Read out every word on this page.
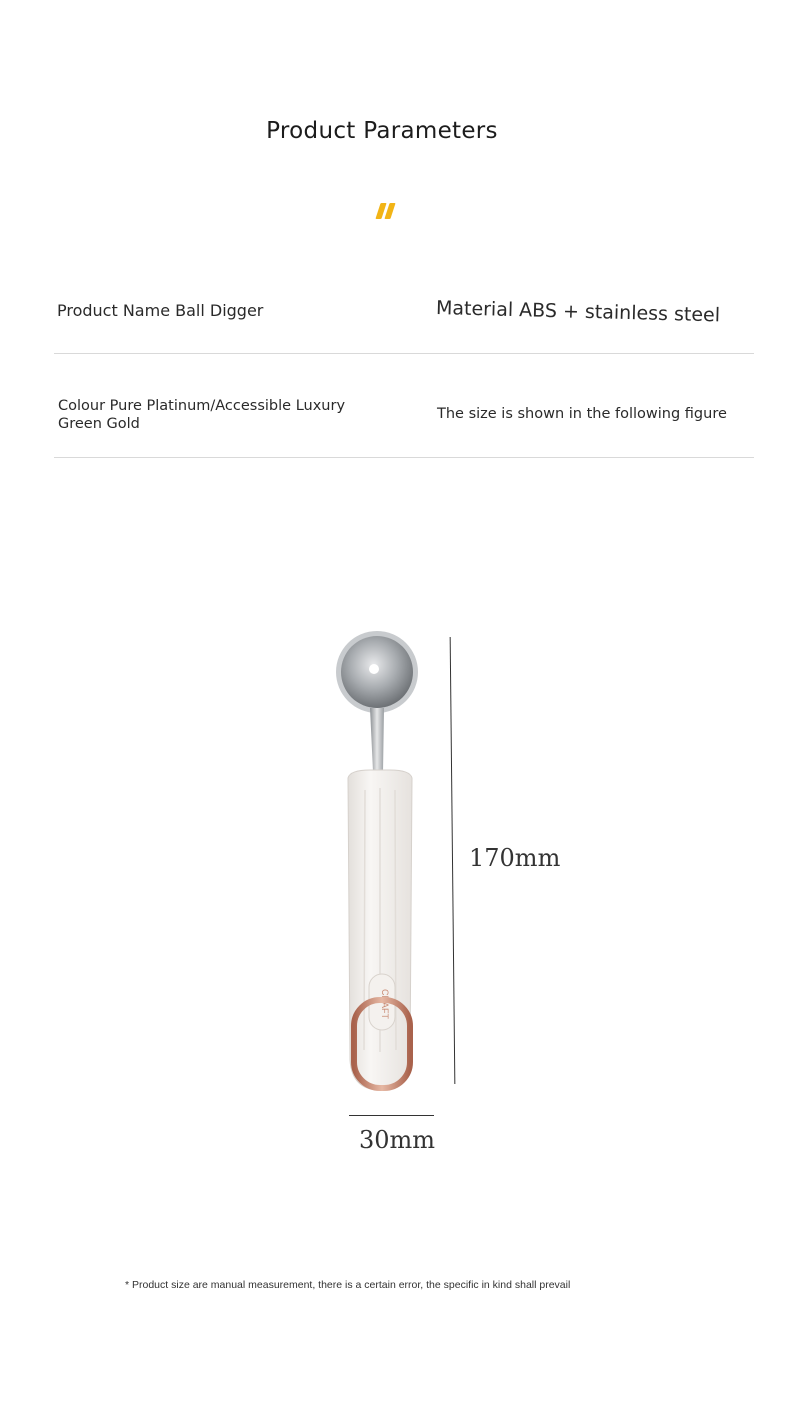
Product Parameters
Product Name Ball Digger	Material ABS + stainless steel
Colour Pure Platinum/Accessible Luxury Green Gold
The size is shown in the following figure
CRAFT
170mm
30mm
* Product size are manual measurement, there is a certain error, the specific in kind shall prevail
